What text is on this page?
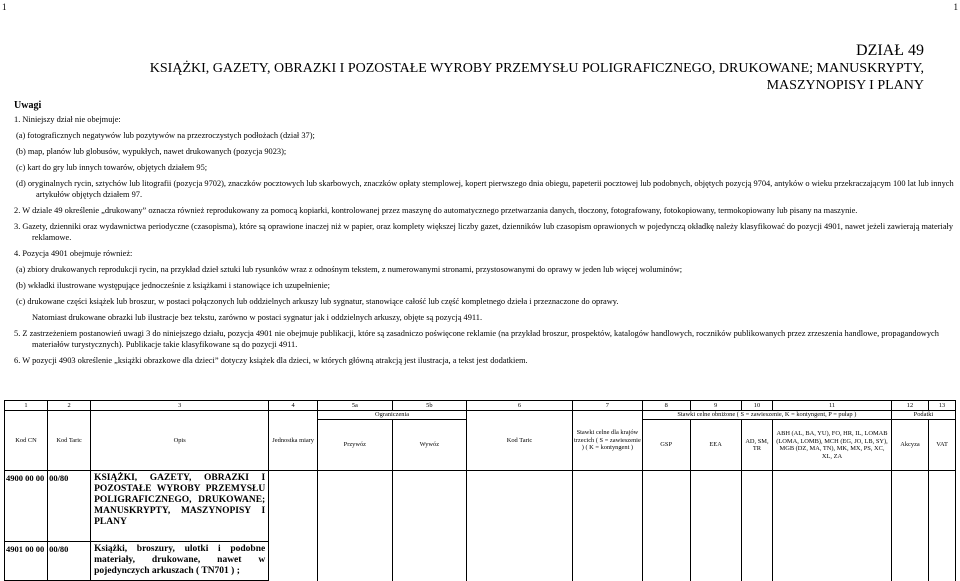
1	1
DZIAŁ 49
KSIĄŻKI, GAZETY, OBRAZKI I POZOSTAŁE WYROBY PRZEMYSŁU POLIGRAFICZNEGO, DRUKOWANE; MANUSKRYPTY,
MASZYNOPISY I PLANY
Uwagi

1. Niniejszy dział nie obejmuje:

(a) fotograficznych negatywów lub pozytywów na przezroczystych podłożach (dział 37);

(b) map, planów lub globusów, wypukłych, nawet drukowanych (pozycja 9023);

(c) kart do gry lub innych towarów, objętych działem 95;

(d) oryginalnych rycin, sztychów lub litografii (pozycja 9702), znaczków pocztowych lub skarbowych, znaczków opłaty stemplowej, kopert pierwszego dnia obiegu, papeterii pocztowej lub podobnych, objętych pozycją 9704, antyków o wieku przekraczającym 100 lat lub innych artykułów objętych działem 97.

2. W dziale 49 określenie „drukowany” oznacza również reprodukowany za pomocą kopiarki, kontrolowanej przez maszynę do automatycznego przetwarzania danych, tłoczony, fotografowany, fotokopiowany, termokopiowany lub pisany na maszynie.

3. Gazety, dzienniki oraz wydawnictwa periodyczne (czasopisma), które są oprawione inaczej niż w papier, oraz komplety większej liczby gazet, dzienników lub czasopism oprawionych w pojedynczą okładkę należy klasyfikować do pozycji 4901, nawet jeżeli zawierają materiały reklamowe.

4. Pozycja 4901 obejmuje również:

(a) zbiory drukowanych reprodukcji rycin, na przykład dzieł sztuki lub rysunków wraz z odnośnym tekstem, z numerowanymi stronami, przystosowanymi do oprawy w jeden lub więcej woluminów;

(b) wkładki ilustrowane występujące jednocześnie z książkami i stanowiące ich uzupełnienie;

(c) drukowane części książek lub broszur, w postaci połączonych lub oddzielnych arkuszy lub sygnatur, stanowiące całość lub część kompletnego dzieła i przeznaczone do oprawy.

Natomiast drukowane obrazki lub ilustracje bez tekstu, zarówno w postaci sygnatur jak i oddzielnych arkuszy, objęte są pozycją 4911.

5. Z zastrzeżeniem postanowień uwagi 3 do niniejszego działu, pozycja 4901 nie obejmuje publikacji, które są zasadniczo poświęcone reklamie (na przykład broszur, prospektów, katalogów handlowych, roczników publikowanych przez zrzeszenia handlowe, propagandowych materiałów turystycznych). Publikacje takie klasyfikowane są do pozycji 4911.

6. W pozycji 4903 określenie „książki obrazkowe dla dzieci” dotyczy książek dla dzieci, w których główną atrakcją jest ilustracja, a tekst jest dodatkiem.

1	2	3	4	5a	5b	6	7	8	9	10	11	12	13
Kod CN	Kod Taric	Opis	Jednostka miary	Ograniczenia		Kod Taric	Stawki celne dla krajów trzecich ( S = zawieszenie ) ( K = kontyngent )	Stawki celne obniżone ( S = zawieszenie, K = kontyngent, P = pułap )				Podatki	
				Przywóz	Wywóz			GSP	EEA	AD, SM, TR	ABH (AL, BA, YU), FO, HR, IL, LOMAB (LOMA, LOMB), MCH (EG, JO, LB, SY), MGB (DZ, MA, TN), MK, MX, PS, XC, XL, ZA	Akcyza	VAT
4900 00 00	00/80	KSIĄŻKI, GAZETY, OBRAZKI I POZOSTAŁE WYROBY PRZEMYSŁU POLIGRAFICZNEGO, DRUKOWANE; MANUSKRYPTY, MASZYNOPISY I PLANY											
4901 00 00	00/80	Książki, broszury, ulotki i podobne materiały, drukowane, nawet w pojedynczych arkuszach ( TN701 ) ;											
